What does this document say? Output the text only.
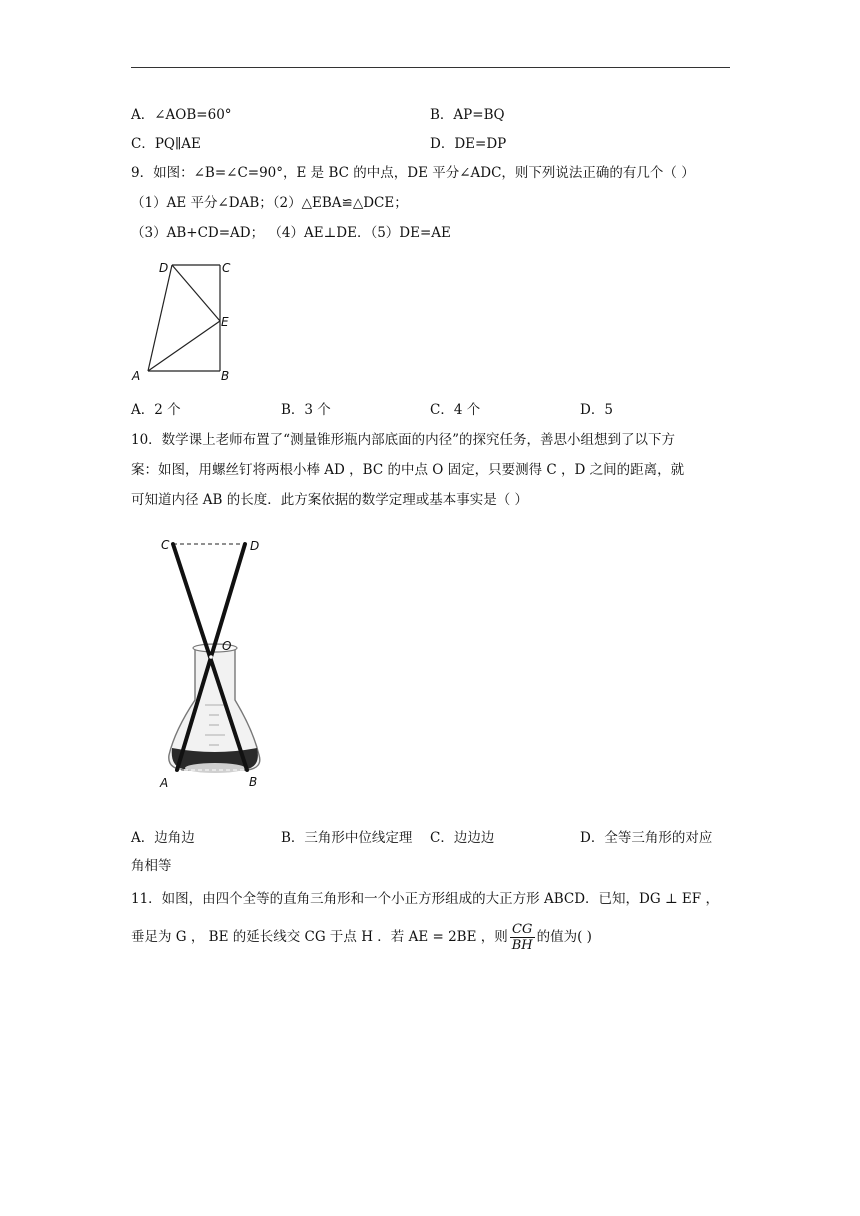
A．∠AOB=60°	B．AP=BQ
C．PQ∥AE	D．DE=DP
9．如图：∠B=∠C=90°，E 是 BC 的中点，DE 平分∠ADC，则下列说法正确的有几个（ ）
（1）AE 平分∠DAB；（2）△EBA≌△DCE；
（3）AB+CD=AD； （4）AE⊥DE．（5）DE=AE
D	C
E
A	B
A．2 个	B．3 个	C．4 个	D．5
10．数学课上老师布置了“测量锥形瓶内部底面的内径”的探究任务，善思小组想到了以下方
案：如图，用螺丝钉将两根小棒 AD ，BC 的中点 O 固定，只要测得 C ，D 之间的距离，就
可知道内径 AB 的长度．此方案依据的数学定理或基本事实是（ ）
C	D
O
A	B
A．边角边	B．三角形中位线定理 C．边边边	D．全等三角形的对应
角相等
11．如图，由四个全等的直角三角形和一个小正方形组成的大正方形 ABCD．已知，DG ⊥ EF ，
垂足为 G ， BE 的延长线交 CG 于点 H ．若 AE = 2BE ，则 $\frac{CG}{BH}$ 的值为( )
